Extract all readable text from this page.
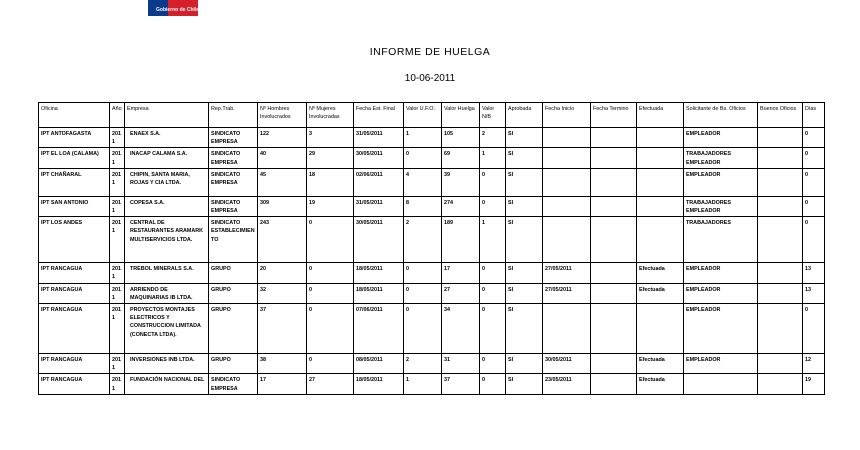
Gobierno de Chile
INFORME DE HUELGA
10-06-2011
Oficina	Año	Empresa	Rep.Trab.	Nº Hombres Involucrados	Nº Mujeres Involucradas	Fecha Est. Final	Valor U.F.O.	Valor Huelga	Valor N/B	Aprobada	Fecha Inicio	Fecha Termino	Efectuada	Solicitante de Bs. Oficios	Buenos Oficios	Días
IPT ANTOFAGASTA	2011	ENAEX S.A.	SINDICATO EMPRESA	122	3	31/05/2011	1	105	2	SI				EMPLEADOR		0
IPT EL LOA (CALAMA)	2011	INACAP CALAMA S.A.	SINDICATO EMPRESA	40	29	30/05/2011	0	69	1	SI				TRABAJADORES EMPLEADOR		0
IPT CHAÑARAL	2011	CHIPIN, SANTA MARIA, ROJAS Y CIA LTDA.	SINDICATO EMPRESA	45	18	02/06/2011	4	39	0	SI				EMPLEADOR		0
IPT SAN ANTONIO	2011	COPESA S.A.	SINDICATO EMPRESA	309	19	31/05/2011	8	274	0	SI				TRABAJADORES EMPLEADOR		0
IPT LOS ANDES	2011	CENTRAL DE RESTAURANTES ARAMARK MULTISERVICIOS LTDA.	SINDICATO ESTABLECIMIENTO	243	0	30/05/2011	2	189	1	SI				TRABAJADORES		0
IPT RANCAGUA	2011	TREBOL MINERALS S.A.	GRUPO	20	0	18/05/2011	0	17	0	SI	27/05/2011		Efectuada	EMPLEADOR		13
IPT RANCAGUA	2011	ARRIENDO DE MAQUINARIAS IB LTDA.	GRUPO	32	0	18/05/2011	0	27	0	SI	27/05/2011		Efectuada	EMPLEADOR		13
IPT RANCAGUA	2011	PROYECTOS MONTAJES ELECTRICOS Y CONSTRUCCION LIMITADA (CONECTA LTDA).	GRUPO	37	0	07/06/2011	0	34	0	SI				EMPLEADOR		0
IPT RANCAGUA	2011	INVERSIONES INB LTDA.	GRUPO	38	0	08/05/2011	2	31	0	SI	30/05/2011		Efectuada	EMPLEADOR		12
IPT RANCAGUA	2011	FUNDACIÓN NACIONAL DEL	SINDICATO EMPRESA	17	27	18/05/2011	1	37	0	SI	23/05/2011		Efectuada			19
